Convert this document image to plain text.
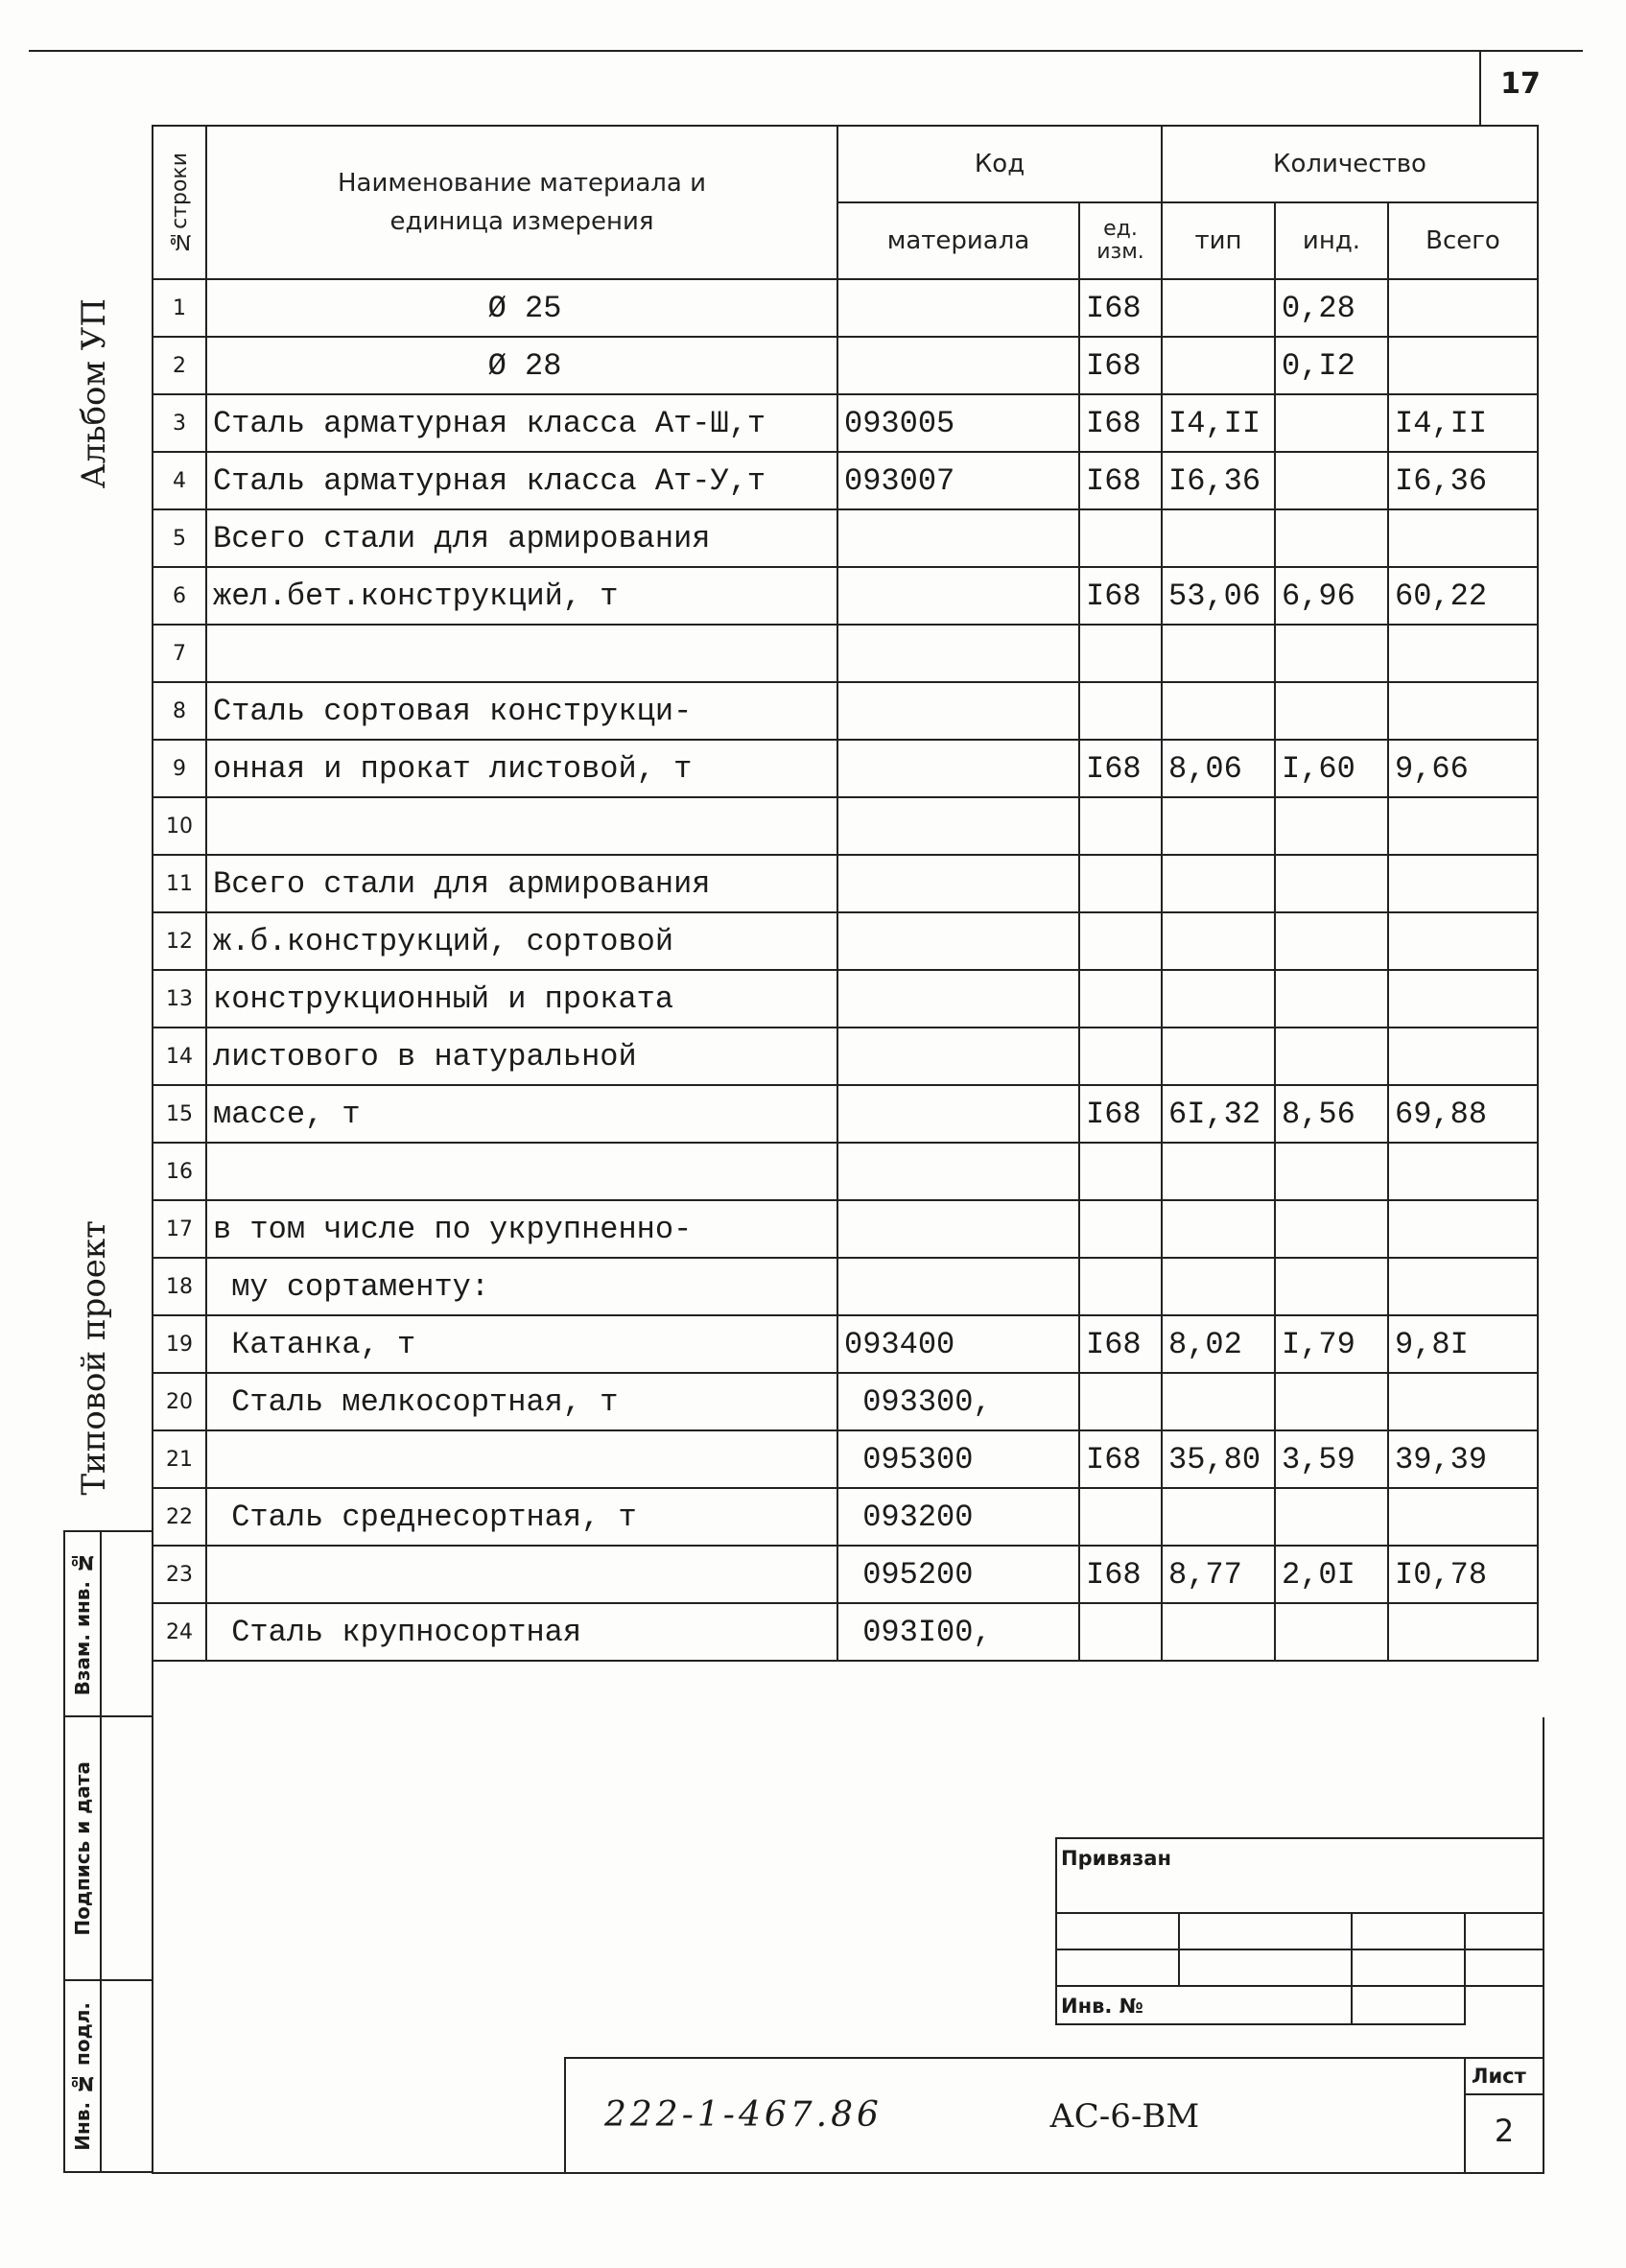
17
Альбом УП
Типовой проект
№строки	Наименование материала и единица измерения	Код		Количество		
		материала	ед. изм.	тип	инд.	Всего
1	Ø 25		I68		0,28	
2	Ø 28		I68		0,I2	
3	Сталь арматурная класса Ат-Ш,т	093005	I68	I4,II		I4,II
4	Сталь арматурная класса Ат-У,т	093007	I68	I6,36		I6,36
5	Всего стали для армирования					
6	жел.бет.конструкций, т		I68	53,06	6,96	60,22
7						
8	Сталь сортовая конструкци-					
9	онная и прокат листовой, т		I68	8,06	I,60	9,66
10						
11	Всего стали для армирования					
12	ж.б.конструкций, сортовой					
13	конструкционный и проката					
14	листового в натуральной					
15	массе, т		I68	6I,32	8,56	69,88
16						
17	в том числе по укрупненно-					
18	му сортаменту:					
19	Катанка, т	093400	I68	8,02	I,79	9,8I
20	Сталь мелкосортная, т	093300,				
21		095300	I68	35,80	3,59	39,39
22	Сталь среднесортная, т	093200				
23		095200	I68	8,77	2,0I	I0,78
24	Сталь крупносортная	093I00,				
Взам. инв. №
Подпись и дата
Инв. № подл.
Привязан
Инв. №
222-1-467.86	АС-6-ВМ
Лист
2
